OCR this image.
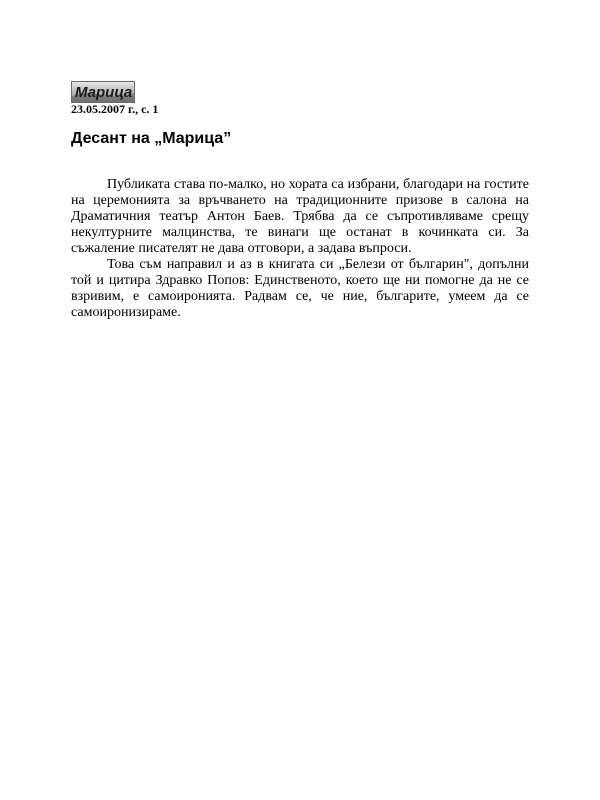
Марица
23.05.2007 г., с. 1
Десант на „Марица”

Публиката става по-малко, но хората са избрани, благодари на гостите на церемонията за връчването на традиционните призове в салона на Драматичния театър Антон Баев. Трябва да се съпротивляваме срещу некултурните малцинства, те винаги ще останат в кочинката си. За съжаление писателят не дава отговори, а задава въпроси.

Това съм направил и аз в книгата си „Белези от българин", допълни той и цитира Здравко Попов: Единственото, което ще ни помогне да не се взривим, е самоиронията. Радвам се, че ние, българите, умеем да се самоиронизираме.
